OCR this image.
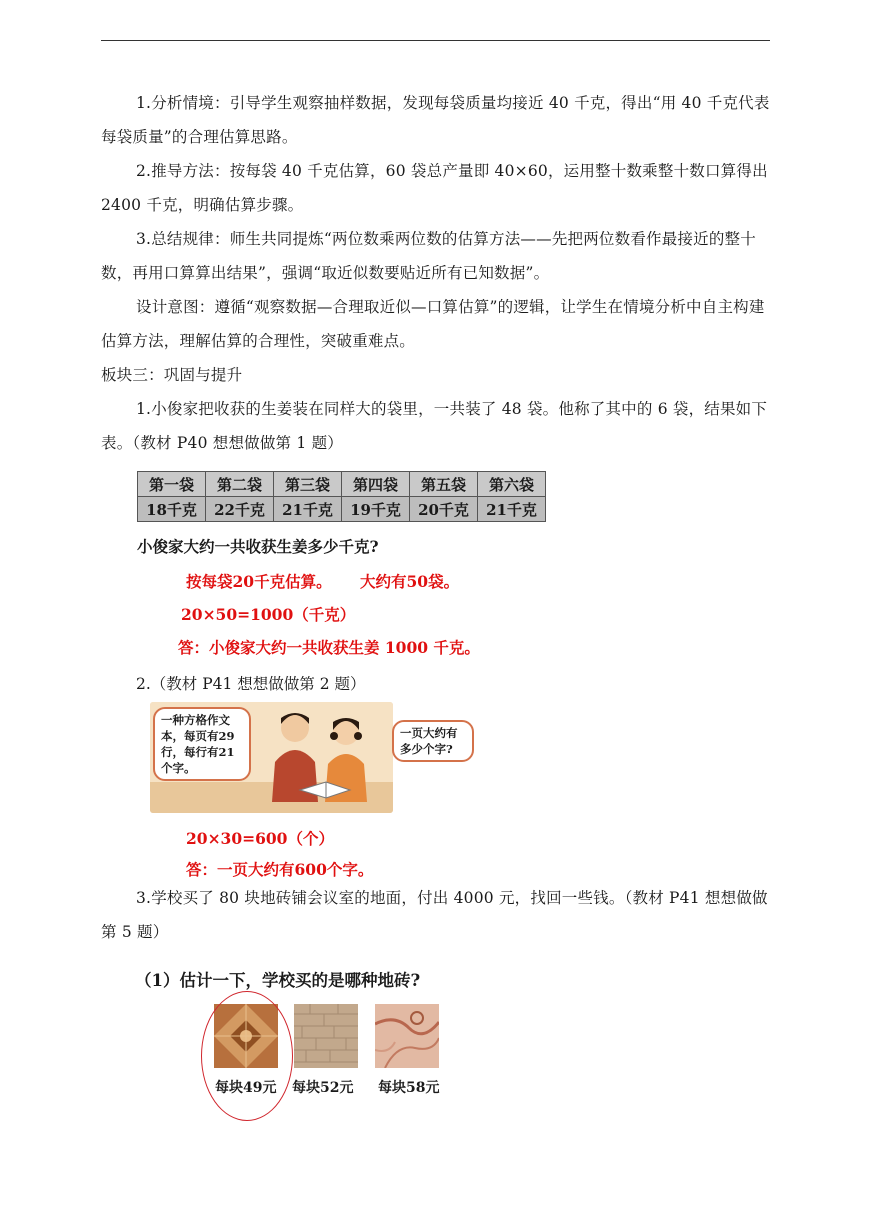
1.分析情境：引导学生观察抽样数据，发现每袋质量均接近 40 千克，得出“用 40 千克代表每袋质量”的合理估算思路。
2.推导方法：按每袋 40 千克估算，60 袋总产量即 40×60，运用整十数乘整十数口算得出 2400 千克，明确估算步骤。
3.总结规律：师生共同提炼“两位数乘两位数的估算方法——先把两位数看作最接近的整十数，再用口算算出结果”，强调“取近似数要贴近所有已知数据”。
设计意图：遵循“观察数据—合理取近似—口算估算”的逻辑，让学生在情境分析中自主构建估算方法，理解估算的合理性，突破重难点。
板块三：巩固与提升
1.小俊家把收获的生姜装在同样大的袋里，一共装了 48 袋。他称了其中的 6 袋，结果如下表。（教材 P40 想想做做第 1 题）
第一袋	第二袋	第三袋	第四袋	第五袋	第六袋
18千克	22千克	21千克	19千克	20千克	21千克
小俊家大约一共收获生姜多少千克?
按每袋20千克估算。 大约有50袋。
20×50=1000（千克）
答：小俊家大约一共收获生姜 1000 千克。
2.（教材 P41 想想做做第 2 题）
一种方格作文本，每页有29行，每行有21个字。
一页大约有多少个字?
20×30=600（个）
答：一页大约有600个字。
3.学校买了 80 块地砖铺会议室的地面，付出 4000 元，找回一些钱。（教材 P41 想想做做第 5 题）
（1）估计一下，学校买的是哪种地砖?
每块49元 每块52元 每块58元
